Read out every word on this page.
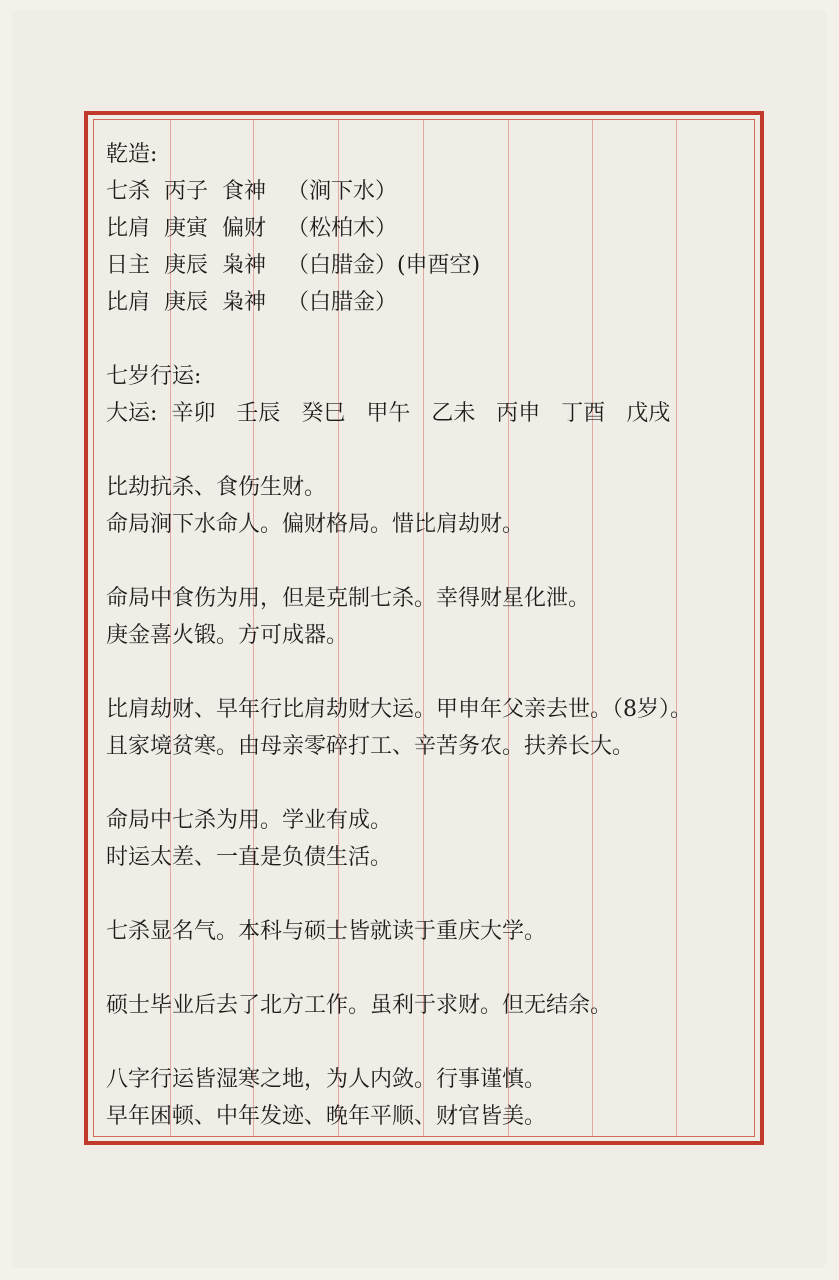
乾造:
七杀  丙子  食神   （涧下水）
比肩  庚寅  偏财   （松柏木）
日主  庚辰  枭神   （白腊金）(申酉空)
比肩  庚辰  枭神   （白腊金）
七岁行运:
大运:  辛卯   壬辰   癸巳   甲午   乙未   丙申   丁酉   戊戌
比劫抗杀、食伤生财。
命局涧下水命人。偏财格局。惜比肩劫财。
命局中食伤为用，但是克制七杀。幸得财星化泄。
庚金喜火锻。方可成器。
比肩劫财、早年行比肩劫财大运。甲申年父亲去世。（8岁）。
且家境贫寒。由母亲零碎打工、辛苦务农。扶养长大。
命局中七杀为用。学业有成。
时运太差、一直是负债生活。
七杀显名气。本科与硕士皆就读于重庆大学。
硕士毕业后去了北方工作。虽利于求财。但无结余。
八字行运皆湿寒之地，为人内敛。行事谨慎。
早年困顿、中年发迹、晚年平顺、财官皆美。
